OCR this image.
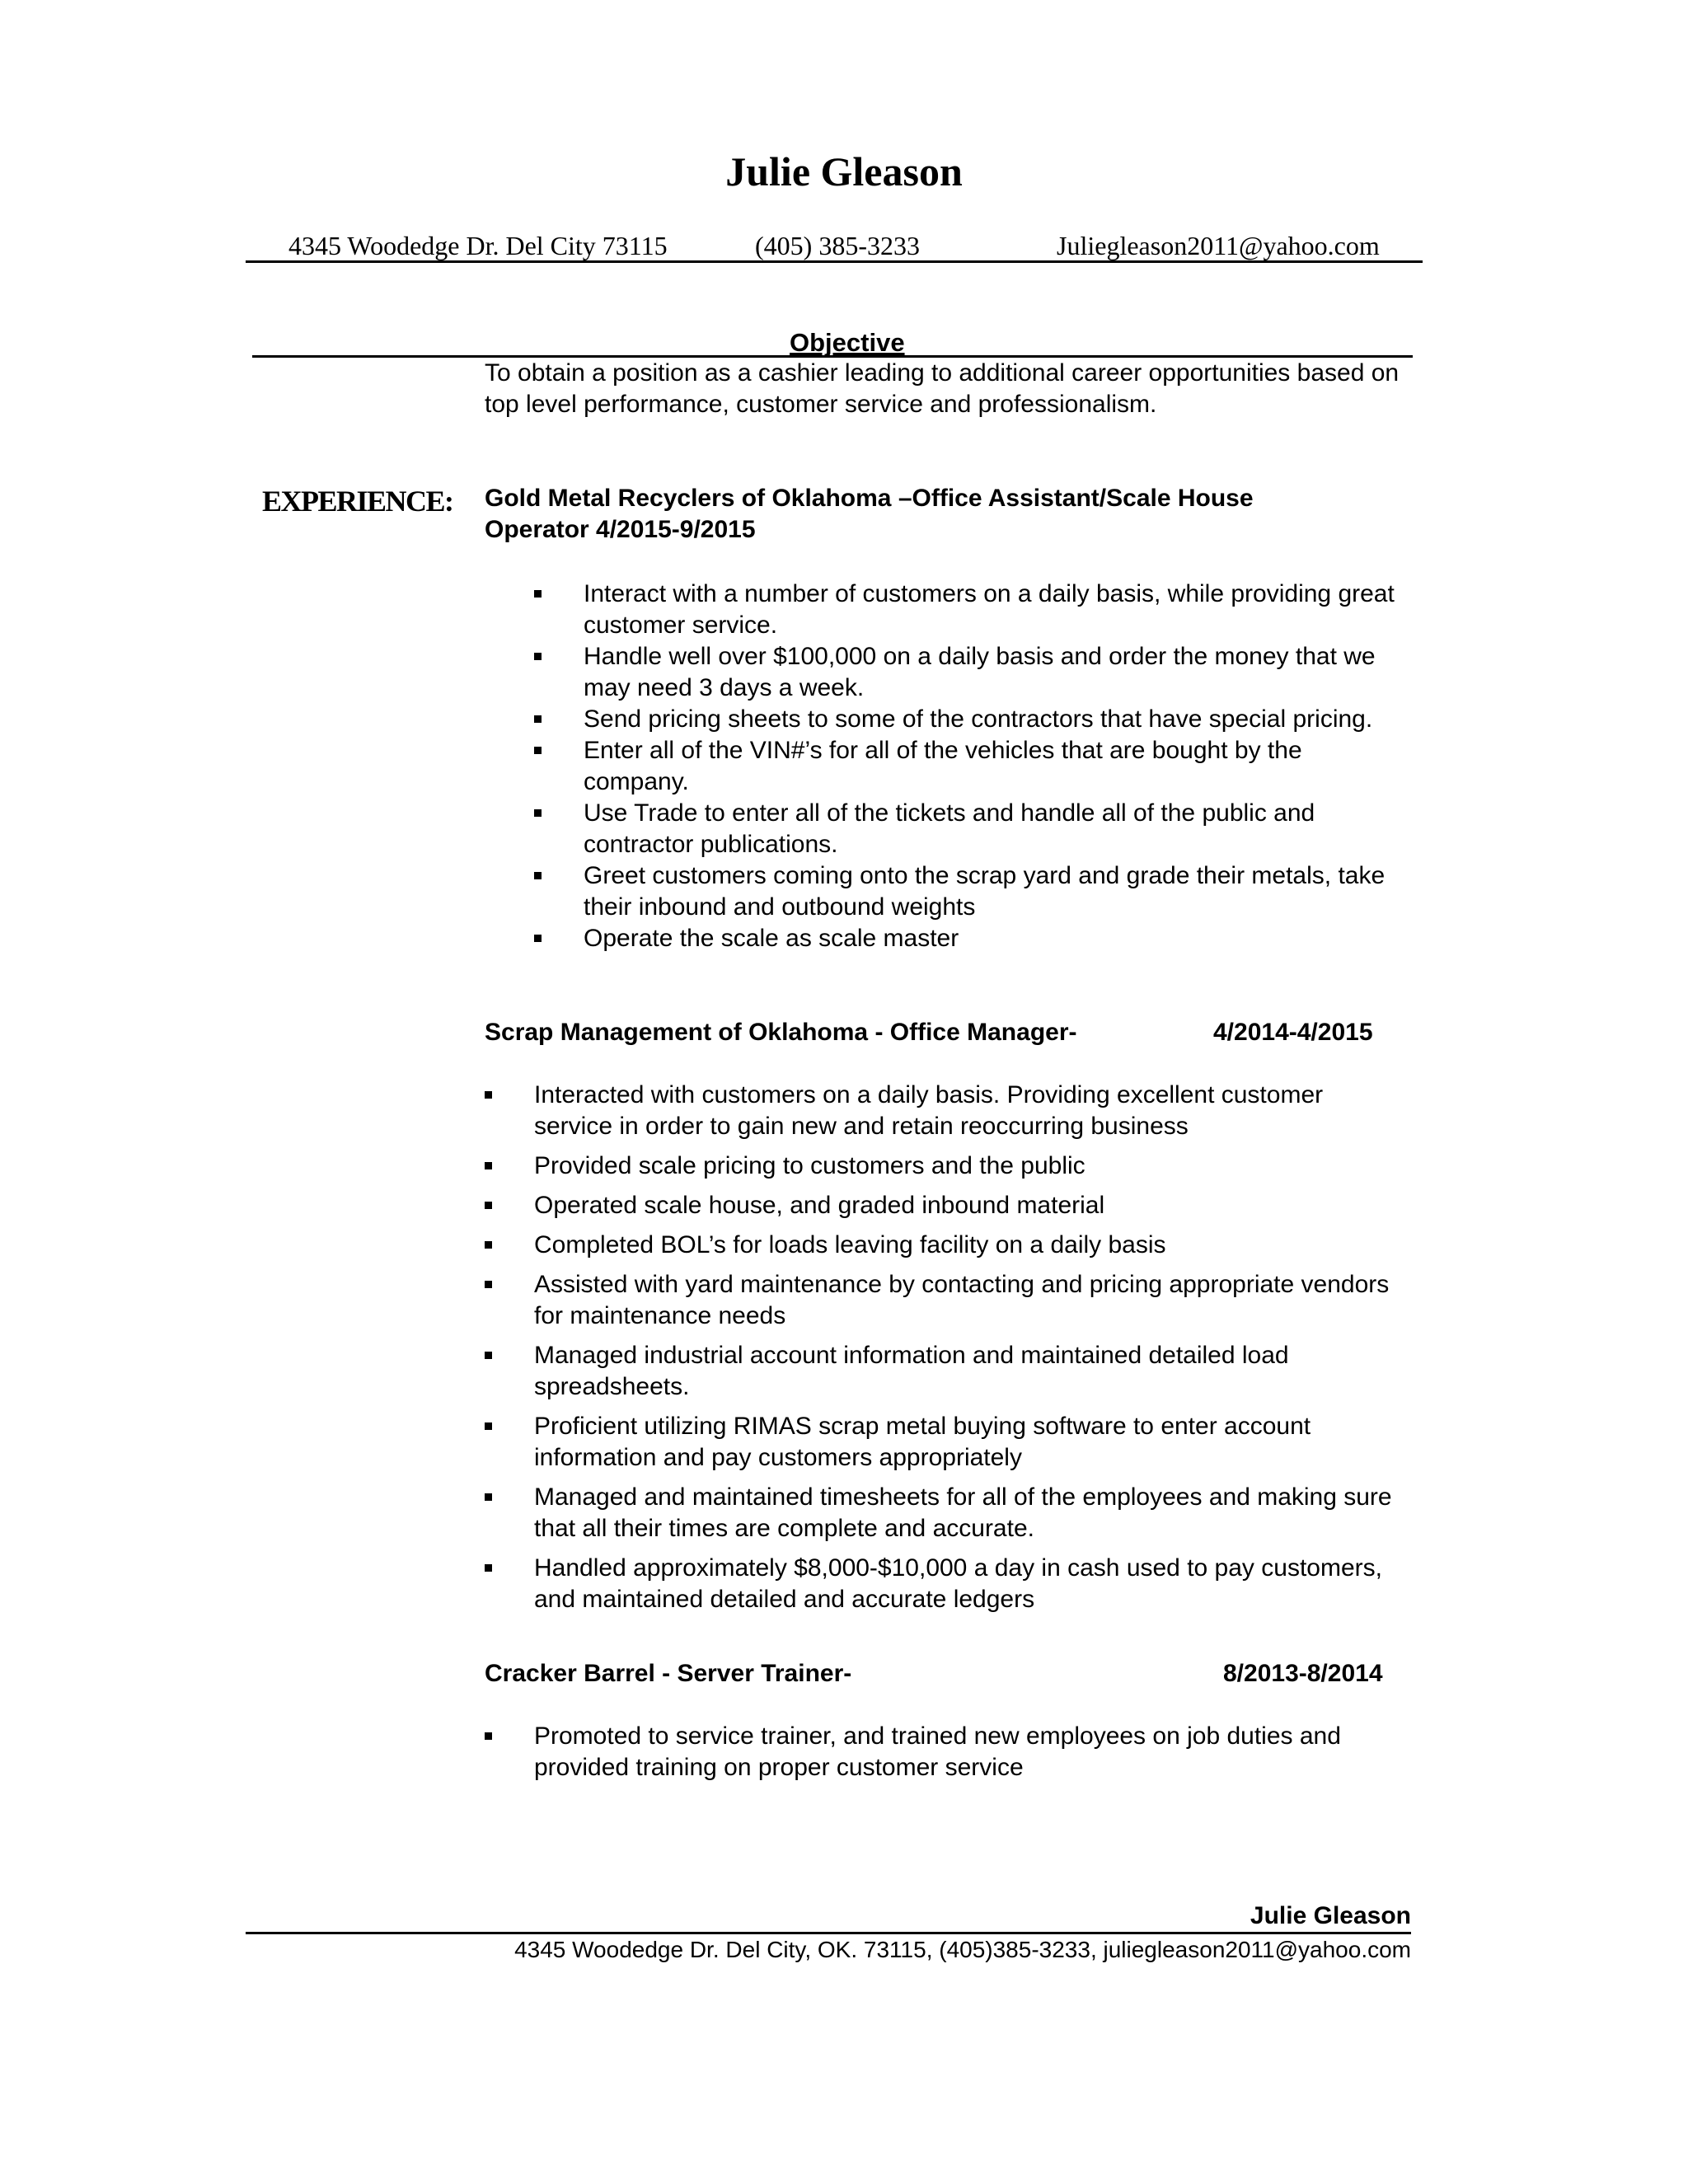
Julie Gleason
4345 Woodedge Dr. Del City 73115	(405) 385-3233	Juliegleason2011@yahoo.com
Objective
To obtain a position as a cashier leading to additional career opportunities based on top level performance, customer service and professionalism.
EXPERIENCE: Gold Metal Recyclers of Oklahoma –Office Assistant/Scale House
Operator 4/2015-9/2015
Interact with a number of customers on a daily basis, while providing great customer service.
Handle well over $100,000 on a daily basis and order the money that we may need 3 days a week.
Send pricing sheets to some of the contractors that have special pricing.
Enter all of the VIN#’s for all of the vehicles that are bought by the company.
Use Trade to enter all of the tickets and handle all of the public and contractor publications.
Greet customers coming onto the scrap yard and grade their metals, take their inbound and outbound weights
Operate the scale as scale master
Scrap Management of Oklahoma - Office Manager-	4/2014-4/2015
Interacted with customers on a daily basis. Providing excellent customer service in order to gain new and retain reoccurring business
Provided scale pricing to customers and the public
Operated scale house, and graded inbound material
Completed BOL’s for loads leaving facility on a daily basis
Assisted with yard maintenance by contacting and pricing appropriate vendors for maintenance needs
Managed industrial account information and maintained detailed load spreadsheets.
Proficient utilizing RIMAS scrap metal buying software to enter account information and pay customers appropriately
Managed and maintained timesheets for all of the employees and making sure that all their times are complete and accurate.
Handled approximately $8,000-$10,000 a day in cash used to pay customers, and maintained detailed and accurate ledgers
Cracker Barrel - Server Trainer-	8/2013-8/2014
Promoted to service trainer, and trained new employees on job duties and provided training on proper customer service
Julie Gleason
4345 Woodedge Dr. Del City, OK. 73115, (405)385-3233, juliegleason2011@yahoo.com
